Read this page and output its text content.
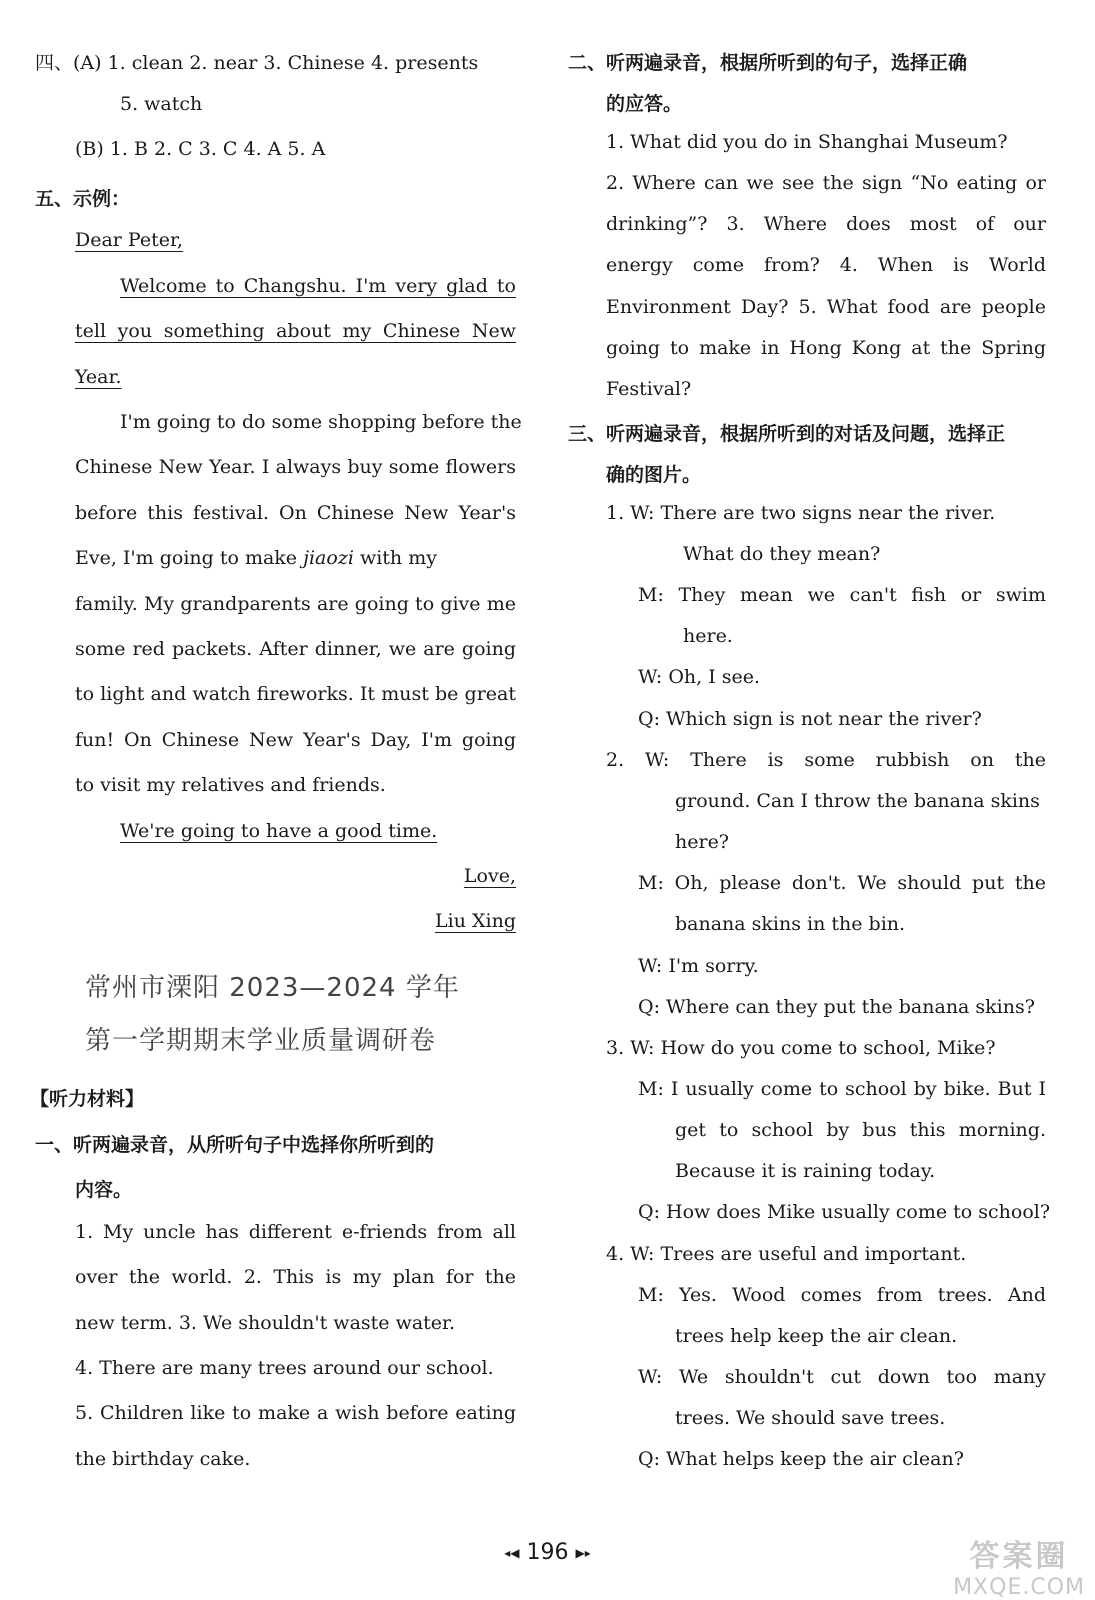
四、(A) 1. clean 2. near 3. Chinese 4. presents
5. watch
(B) 1. B 2. C 3. C 4. A 5. A
五、示例：
Dear Peter,
Welcome to Changshu. I'm very glad to
tell you something about my Chinese New
Year.
I'm going to do some shopping before the
Chinese New Year. I always buy some flowers
before this festival. On Chinese New Year's
Eve, I'm going to make jiaozi with my
family. My grandparents are going to give me
some red packets. After dinner, we are going
to light and watch fireworks. It must be great
fun! On Chinese New Year's Day, I'm going
to visit my relatives and friends.
We're going to have a good time.
Love,
Liu Xing
常州市溧阳 2023—2024 学年
第一学期期末学业质量调研卷
【听力材料】
一、听两遍录音，从所听句子中选择你所听到的
内容。
1. My uncle has different e-friends from all
over the world. 2. This is my plan for the
new term. 3. We shouldn't waste water.
4. There are many trees around our school.
5. Children like to make a wish before eating
the birthday cake.
二、听两遍录音，根据所听到的句子，选择正确
的应答。
1. What did you do in Shanghai Museum?
2. Where can we see the sign “No eating or
drinking”? 3. Where does most of our
energy come from? 4. When is World
Environment Day? 5. What food are people
going to make in Hong Kong at the Spring
Festival?
三、听两遍录音，根据所听到的对话及问题，选择正
确的图片。
1. W: There are two signs near the river.
What do they mean?
M: They mean we can't fish or swim
here.
W: Oh, I see.
Q: Which sign is not near the river?
2. W: There is some rubbish on the
ground. Can I throw the banana skins
here?
M: Oh, please don't. We should put the
banana skins in the bin.
W: I'm sorry.
Q: Where can they put the banana skins?
3. W: How do you come to school, Mike?
M: I usually come to school by bike. But I
get to school by bus this morning.
Because it is raining today.
Q: How does Mike usually come to school?
4. W: Trees are useful and important.
M: Yes. Wood comes from trees. And
trees help keep the air clean.
W: We shouldn't cut down too many
trees. We should save trees.
Q: What helps keep the air clean?
◂◀ 196 ▶▸	答案圈
MXQE.COM
